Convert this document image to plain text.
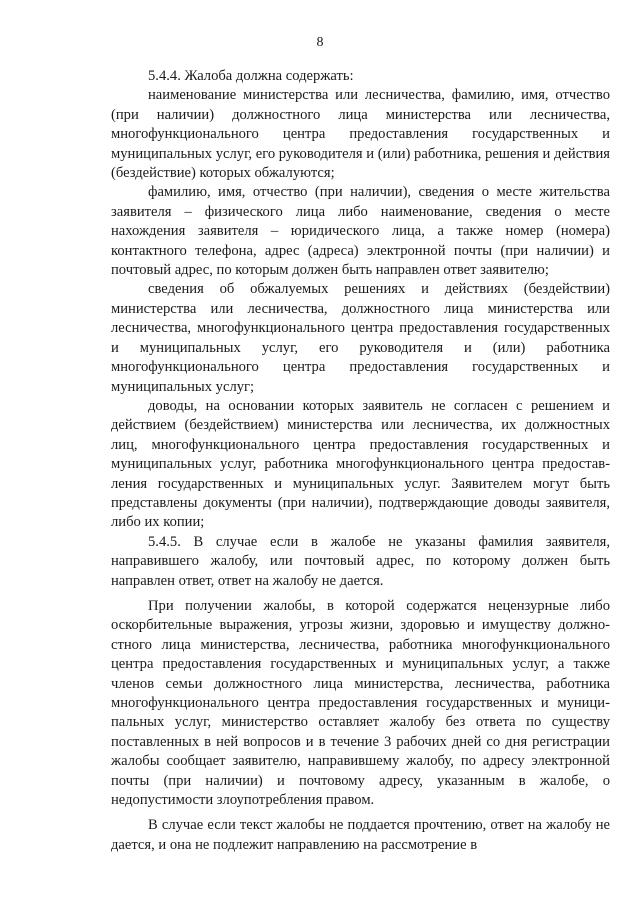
8

5.4.4. Жалоба должна содержать:

наименование министерства или лесничества, фамилию, имя, отчество (при наличии) должностного лица министерства или лесничества, многофункционального центра предоставления государственных и муниципальных услуг, его руководителя и (или) работника, решения и действия (бездействие) которых обжалуются;

фамилию, имя, отчество (при наличии), сведения о месте жительства заявителя – физического лица либо наименование, сведения о месте нахождения заявителя – юридического лица, а также номер (номера) контактного телефона, адрес (адреса) электронной почты (при наличии) и почтовый адрес, по которым должен быть направлен ответ заявителю;

сведения об обжалуемых решениях и действиях (бездействии) министерства или лесничества, должностного лица министерства или лесничества, многофункционального центра предоставления государственных и муниципальных услуг, его руководителя и (или) работника многофункционального центра предоставления государственных и муниципальных услуг;

доводы, на основании которых заявитель не согласен с решением и действием (бездействием) министерства или лесничества, их должностных лиц, многофункционального центра предоставления государственных и муниципальных услуг, работника многофункционального центра предоставления государственных и муниципальных услуг. Заявителем могут быть представлены документы (при наличии), подтверждающие доводы заявителя, либо их копии;

5.4.5. В случае если в жалобе не указаны фамилия заявителя, направившего жалобу, или почтовый адрес, по которому должен быть направлен ответ, ответ на жалобу не дается.

При получении жалобы, в которой содержатся нецензурные либо оскорбительные выражения, угрозы жизни, здоровью и имуществу должностного лица министерства, лесничества, работника многофункционального центра предоставления государственных и муниципальных услуг, а также членов семьи должностного лица министерства, лесничества, работника многофункционального центра предоставления государственных и муниципальных услуг, министерство оставляет жалобу без ответа по существу поставленных в ней вопросов и в течение 3 рабочих дней со дня регистрации жалобы сообщает заявителю, направившему жалобу, по адресу электронной почты (при наличии) и почтовому адресу, указанным в жалобе, о недопустимости злоупотребления правом.

В случае если текст жалобы не поддается прочтению, ответ на жалобу не дается, и она не подлежит направлению на рассмотрение в
